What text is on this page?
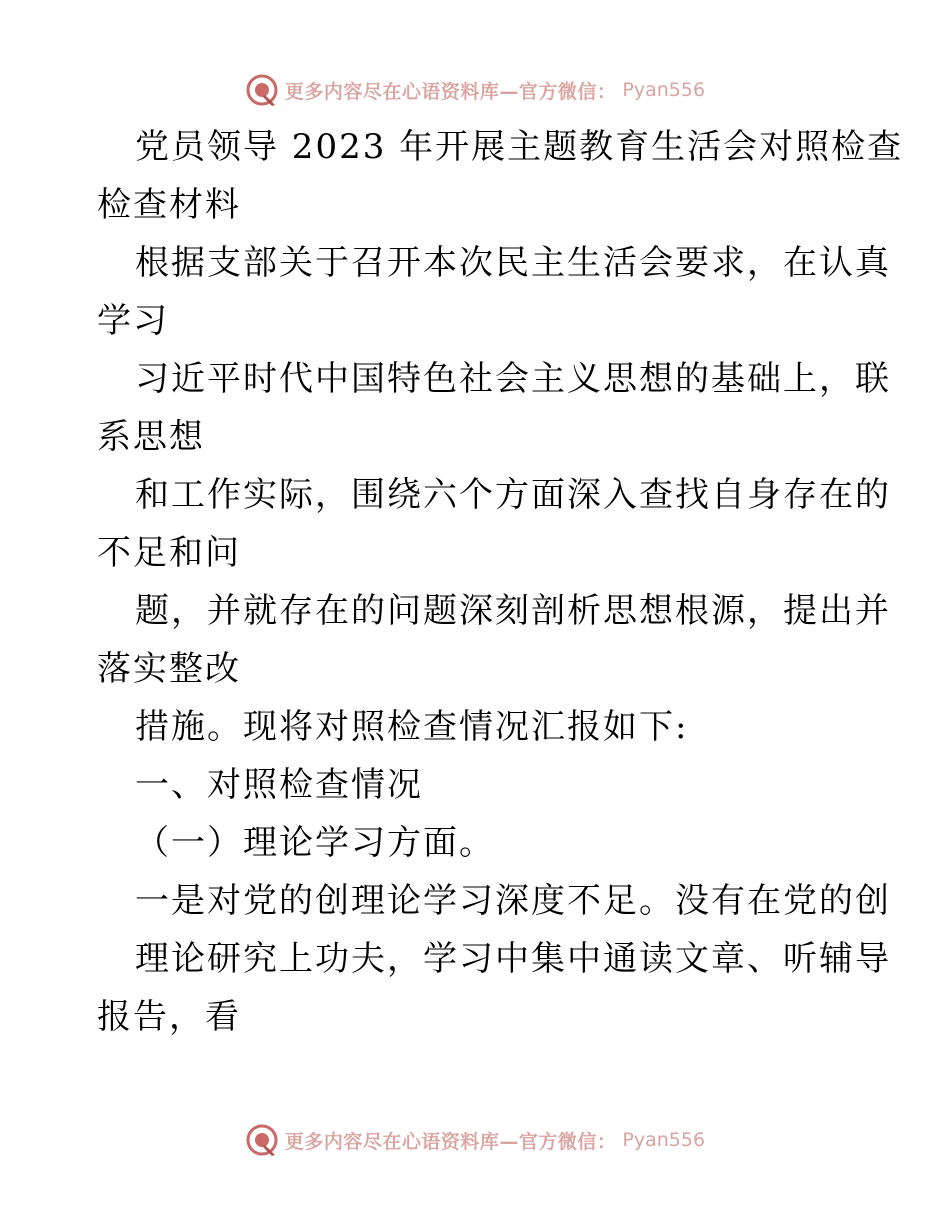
更多内容尽在心语资料库—官方微信： Pyan556
党员领导 2023 年开展主题教育生活会对照检查
检查材料
根据支部关于召开本次民主生活会要求，在认真
学习
习近平时代中国特色社会主义思想的基础上，联
系思想
和工作实际，围绕六个方面深入查找自身存在的
不足和问
题，并就存在的问题深刻剖析思想根源，提出并
落实整改
措施。现将对照检查情况汇报如下:
一、对照检查情况
（一）理论学习方面。
一是对党的创理论学习深度不足。没有在党的创
理论研究上功夫，学习中集中通读文章、听辅导
报告，看
更多内容尽在心语资料库—官方微信： Pyan556
